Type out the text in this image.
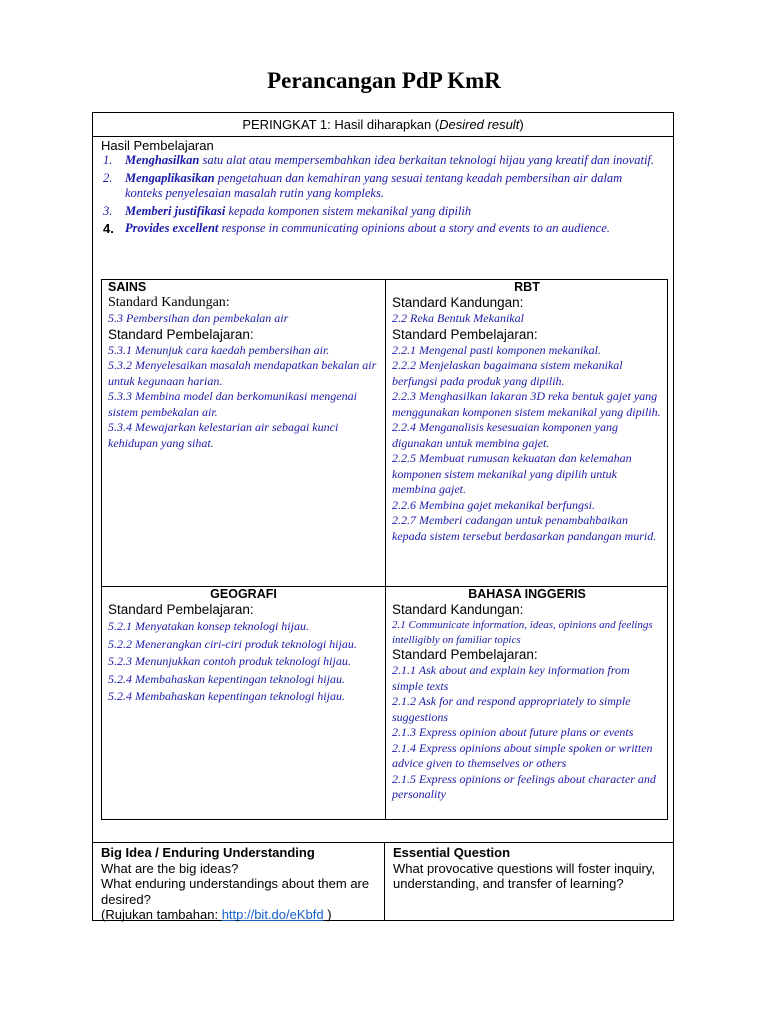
Perancangan PdP KmR
PERINGKAT 1: Hasil diharapkan (Desired result)
Hasil Pembelajaran
1. Menghasilkan satu alat atau mempersembahkan idea berkaitan teknologi hijau yang kreatif dan inovatif.
2. Mengaplikasikan pengetahuan dan kemahiran yang sesuai tentang keadah pembersihan air dalam konteks penyelesaian masalah rutin yang kompleks.
3. Memberi justifikasi kepada komponen sistem mekanikal yang dipilih
4. Provides excellent response in communicating opinions about a story and events to an audience.
SAINS
Standard Kandungan:
5.3 Pembersihan dan pembekalan air
Standard Pembelajaran:
5.3.1 Menunjuk cara kaedah pembersihan air.
5.3.2 Menyelesaikan masalah mendapatkan bekalan air untuk kegunaan harian.
5.3.3 Membina model dan berkomunikasi mengenai sistem pembekalan air.
5.3.4 Mewajarkan kelestarian air sebagai kunci kehidupan yang sihat.
RBT
Standard Kandungan:
2.2 Reka Bentuk Mekanikal
Standard Pembelajaran:
2.2.1 Mengenal pasti komponen mekanikal.
2.2.2 Menjelaskan bagaimana sistem mekanikal berfungsi pada produk yang dipilih.
2.2.3 Menghasilkan lakaran 3D reka bentuk gajet yang menggunakan komponen sistem mekanikal yang dipilih.
2.2.4 Menganalisis kesesuaian komponen yang digunakan untuk membina gajet.
2.2.5 Membuat rumusan kekuatan dan kelemahan komponen sistem mekanikal yang dipilih untuk membina gajet.
2.2.6 Membina gajet mekanikal berfungsi.
2.2.7 Memberi cadangan untuk penambahbaikan kepada sistem tersebut berdasarkan pandangan murid.
GEOGRAFI
Standard Pembelajaran:
5.2.1 Menyatakan konsep teknologi hijau.
5.2.2 Menerangkan ciri-ciri produk teknologi hijau.
5.2.3 Menunjukkan contoh produk teknologi hijau.
5.2.4 Membahaskan kepentingan teknologi hijau.
5.2.4 Membahaskan kepentingan teknologi hijau.
BAHASA INGGERIS
Standard Kandungan:
2.1 Communicate information, ideas, opinions and feelings intelligibly on familiar topics
Standard Pembelajaran:
2.1.1 Ask about and explain key information from simple texts
2.1.2 Ask for and respond appropriately to simple suggestions
2.1.3 Express opinion about future plans or events
2.1.4 Express opinions about simple spoken or written advice given to themselves or others
2.1.5 Express opinions or feelings about character and personality
Big Idea / Enduring Understanding
What are the big ideas?
What enduring understandings about them are desired?
(Rujukan tambahan: http://bit.do/eKbfd )
Essential Question
What provocative questions will foster inquiry, understanding, and transfer of learning?
